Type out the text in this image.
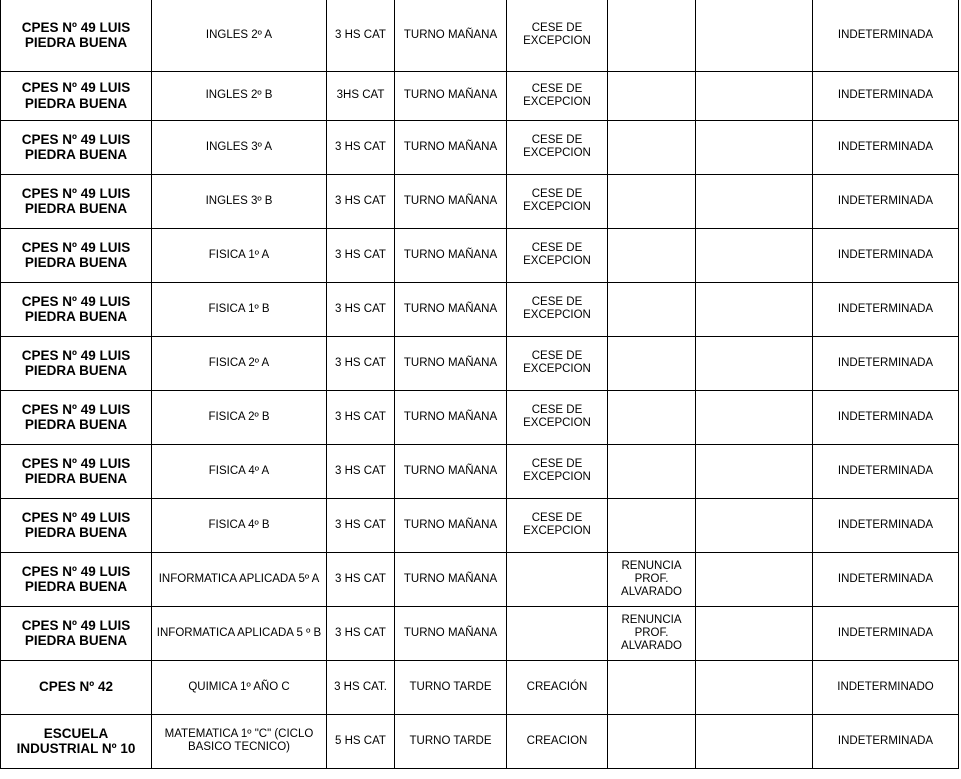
CPES Nº 49 LUIS PIEDRA BUENA	INGLES 2º A	3 HS CAT	TURNO MAÑANA	CESE DE EXCEPCION			INDETERMINADA
CPES Nº 49 LUIS PIEDRA BUENA	INGLES 2º B	3HS CAT	TURNO MAÑANA	CESE DE EXCEPCION			INDETERMINADA
CPES Nº 49 LUIS PIEDRA BUENA	INGLES 3º A	3 HS CAT	TURNO MAÑANA	CESE DE EXCEPCION			INDETERMINADA
CPES Nº 49 LUIS PIEDRA BUENA	INGLES 3º B	3 HS CAT	TURNO MAÑANA	CESE DE EXCEPCION			INDETERMINADA
CPES Nº 49 LUIS PIEDRA BUENA	FISICA 1º A	3 HS CAT	TURNO MAÑANA	CESE DE EXCEPCION			INDETERMINADA
CPES Nº 49 LUIS PIEDRA BUENA	FISICA 1º B	3 HS CAT	TURNO MAÑANA	CESE DE EXCEPCION			INDETERMINADA
CPES Nº 49 LUIS PIEDRA BUENA	FISICA 2º A	3 HS CAT	TURNO MAÑANA	CESE DE EXCEPCION			INDETERMINADA
CPES Nº 49 LUIS PIEDRA BUENA	FISICA 2º B	3 HS CAT	TURNO MAÑANA	CESE DE EXCEPCION			INDETERMINADA
CPES Nº 49 LUIS PIEDRA BUENA	FISICA 4º A	3 HS CAT	TURNO MAÑANA	CESE DE EXCEPCION			INDETERMINADA
CPES Nº 49 LUIS PIEDRA BUENA	FISICA 4º B	3 HS CAT	TURNO MAÑANA	CESE DE EXCEPCION			INDETERMINADA
CPES Nº 49 LUIS PIEDRA BUENA	INFORMATICA APLICADA 5º A	3 HS CAT	TURNO MAÑANA		RENUNCIA PROF. ALVARADO		INDETERMINADA
CPES Nº 49 LUIS PIEDRA BUENA	INFORMATICA APLICADA 5 º B	3 HS CAT	TURNO MAÑANA		RENUNCIA PROF. ALVARADO		INDETERMINADA
CPES Nº 42	QUIMICA 1º AÑO C	3 HS CAT.	TURNO TARDE	CREACIÓN			INDETERMINADO
ESCUELA INDUSTRIAL Nº 10	MATEMATICA 1º "C" (CICLO BASICO TECNICO)	5 HS CAT	TURNO TARDE	CREACION			INDETERMINADA
